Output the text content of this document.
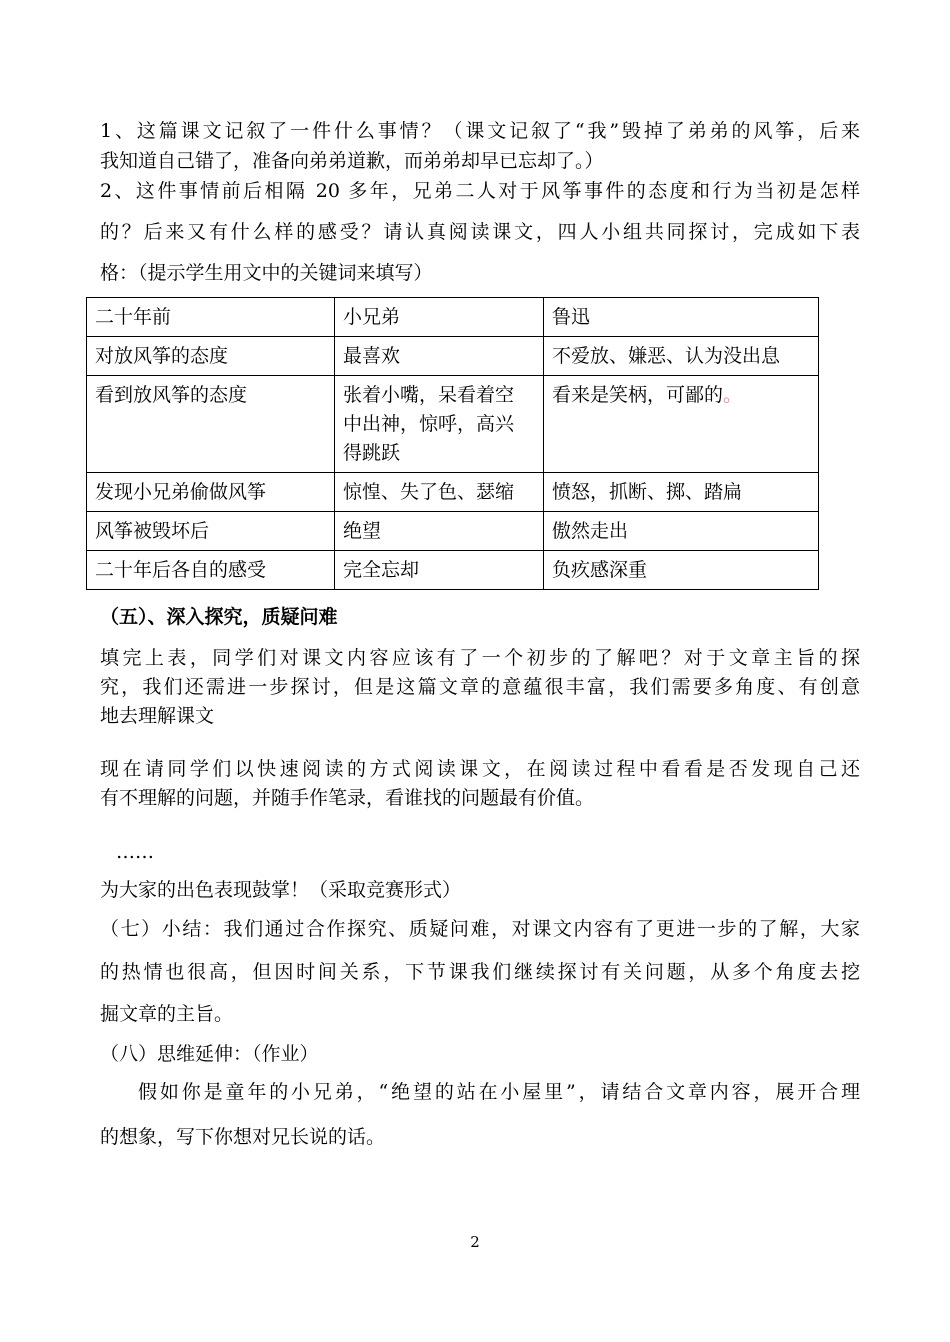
1、这篇课文记叙了一件什么事情？（课文记叙了“我”毁掉了弟弟的风筝，后来
我知道自己错了，准备向弟弟道歉，而弟弟却早已忘却了。）
2、这件事情前后相隔 20 多年，兄弟二人对于风筝事件的态度和行为当初是怎样
的？后来又有什么样的感受？请认真阅读课文，四人小组共同探讨，完成如下表
格：（提示学生用文中的关键词来填写）
二十年前	小兄弟	鲁迅
对放风筝的态度	最喜欢	不爱放、嫌恶、认为没出息
看到放风筝的态度	张着小嘴，呆看着空
中出神，惊呼，高兴
得跳跃	看来是笑柄，可鄙的。
发现小兄弟偷做风筝	惊惶、失了色、瑟缩	愤怒，抓断、掷、踏扁
风筝被毁坏后	绝望	傲然走出
二十年后各自的感受	完全忘却	负疚感深重
（五）、深入探究，质疑问难
填完上表，同学们对课文内容应该有了一个初步的了解吧？对于文章主旨的探
究，我们还需进一步探讨，但是这篇文章的意蕴很丰富，我们需要多角度、有创意
地去理解课文
现在请同学们以快速阅读的方式阅读课文，在阅读过程中看看是否发现自己还
有不理解的问题，并随手作笔录，看谁找的问题最有价值。
……
为大家的出色表现鼓掌！（采取竞赛形式）
（七）小结：我们通过合作探究、质疑问难，对课文内容有了更进一步的了解，大家
的热情也很高，但因时间关系，下节课我们继续探讨有关问题，从多个角度去挖
掘文章的主旨。
（八）思维延伸：（作业）
假如你是童年的小兄弟，“绝望的站在小屋里”，请结合文章内容，展开合理
的想象，写下你想对兄长说的话。
2
